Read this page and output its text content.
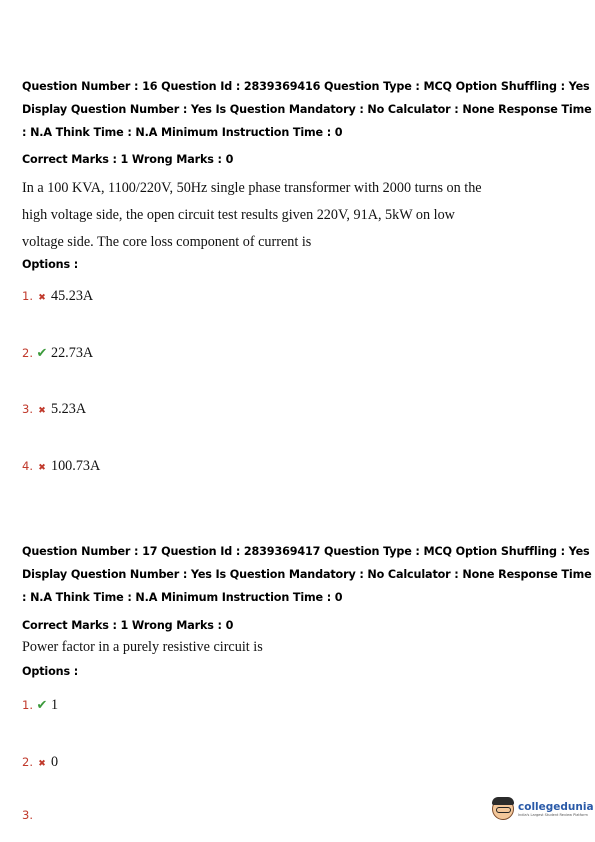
Question Number : 16 Question Id : 2839369416 Question Type : MCQ Option Shuffling : Yes
Display Question Number : Yes Is Question Mandatory : No Calculator : None Response Time
: N.A Think Time : N.A Minimum Instruction Time : 0
Correct Marks : 1 Wrong Marks : 0
In a 100 KVA, 1100/220V, 50Hz single phase transformer with 2000 turns on the
high voltage side, the open circuit test results given 220V, 91A, 5kW on low
voltage side. The core loss component of current is
Options :
1. ✖ 45.23A
2. ✔ 22.73A
3. ✖ 5.23A
4. ✖ 100.73A
Question Number : 17 Question Id : 2839369417 Question Type : MCQ Option Shuffling : Yes
Display Question Number : Yes Is Question Mandatory : No Calculator : None Response Time
: N.A Think Time : N.A Minimum Instruction Time : 0
Correct Marks : 1 Wrong Marks : 0
Power factor in a purely resistive circuit is
Options :
1. ✔ 1
2. ✖ 0
3.
collegedunia
India's Largest Student Review Platform
